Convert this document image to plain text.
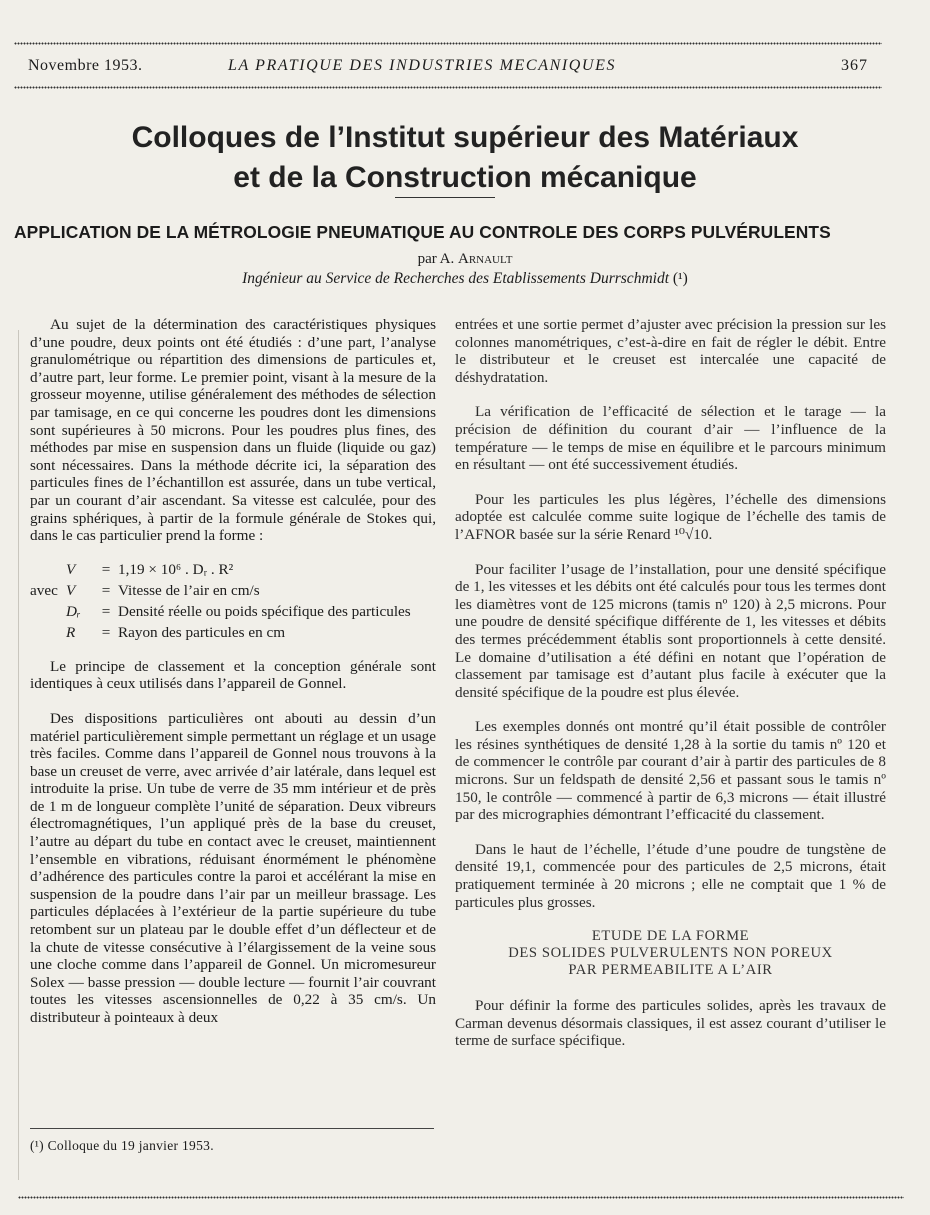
Novembre 1953.	LA PRATIQUE DES INDUSTRIES MECANIQUES	367
Colloques de l’Institut supérieur des Matériaux
et de la Construction mécanique
APPLICATION DE LA MÉTROLOGIE PNEUMATIQUE AU CONTROLE DES CORPS PULVÉRULENTS
par A. Arnault
Ingénieur au Service de Recherches des Etablissements Durrschmidt (¹)

Au sujet de la détermination des caractéristiques physiques d’une poudre, deux points ont été étudiés : d’une part, l’analyse granulométrique ou répartition des dimensions de particules et, d’autre part, leur forme. Le premier point, visant à la mesure de la grosseur moyenne, utilise généralement des méthodes de sélection par tamisage, en ce qui concerne les poudres dont les dimensions sont supérieures à 50 microns. Pour les poudres plus fines, des méthodes par mise en suspension dans un fluide (liquide ou gaz) sont nécessaires. Dans la méthode décrite ici, la séparation des particules fines de l’échantillon est assurée, dans un tube vertical, par un courant d’air ascendant. Sa vitesse est calculée, pour des grains sphériques, à partir de la formule générale de Stokes qui, dans le cas particulier prend la forme :

V	= 1,19 × 10⁶ . Dᵣ . R²
avec V	= Vitesse de l’air en cm/s
Dᵣ	= Densité réelle ou poids spécifique des particules
R	= Rayon des particules en cm

Le principe de classement et la conception générale sont identiques à ceux utilisés dans l’appareil de Gonnel.

Des dispositions particulières ont abouti au dessin d’un matériel particulièrement simple permettant un réglage et un usage très faciles. Comme dans l’appareil de Gonnel nous trouvons à la base un creuset de verre, avec arrivée d’air latérale, dans lequel est introduite la prise. Un tube de verre de 35 mm intérieur et de près de 1 m de longueur complète l’unité de séparation. Deux vibreurs électromagnétiques, l’un appliqué près de la base du creuset, l’autre au départ du tube en contact avec le creuset, maintiennent l’ensemble en vibrations, réduisant énormément le phénomène d’adhérence des particules contre la paroi et accélérant la mise en suspension de la poudre dans l’air par un meilleur brassage. Les particules déplacées à l’extérieur de la partie supérieure du tube retombent sur un plateau par le double effet d’un déflecteur et de la chute de vitesse consécutive à l’élargissement de la veine sous une cloche comme dans l’appareil de Gonnel. Un micromesureur Solex — basse pression — double lecture — fournit l’air couvrant toutes les vitesses ascensionnelles de 0,22 à 35 cm/s. Un distributeur à pointeaux à deux

entrées et une sortie permet d’ajuster avec précision la pression sur les colonnes manométriques, c’est-à-dire en fait de régler le débit. Entre le distributeur et le creuset est intercalée une capacité de déshydratation.

La vérification de l’efficacité de sélection et le tarage — la précision de définition du courant d’air — l’influence de la température — le temps de mise en équilibre et le parcours minimum en résultant — ont été successivement étudiés.

Pour les particules les plus légères, l’échelle des dimensions adoptée est calculée comme suite logique de l’échelle des tamis de l’AFNOR basée sur la série Renard ¹⁰√10.

Pour faciliter l’usage de l’installation, pour une densité spécifique de 1, les vitesses et les débits ont été calculés pour tous les termes dont les diamètres vont de 125 microns (tamis nº 120) à 2,5 microns. Pour une poudre de densité spécifique différente de 1, les vitesses et débits des termes précédemment établis sont proportionnels à cette densité. Le domaine d’utilisation a été défini en notant que l’opération de classement par tamisage est d’autant plus facile à exécuter que la densité spécifique de la poudre est plus élevée.

Les exemples donnés ont montré qu’il était possible de contrôler les résines synthétiques de densité 1,28 à la sortie du tamis nº 120 et de commencer le contrôle par courant d’air à partir des particules de 8 microns. Sur un feldspath de densité 2,56 et passant sous le tamis nº 150, le contrôle — commencé à partir de 6,3 microns — était illustré par des micrographies démontrant l’efficacité du classement.

Dans le haut de l’échelle, l’étude d’une poudre de tungstène de densité 19,1, commencée pour des particules de 2,5 microns, était pratiquement terminée à 20 microns ; elle ne comptait que 1 % de particules plus grosses.

ETUDE DE LA FORME
DES SOLIDES PULVERULENTS NON POREUX
PAR PERMEABILITE A L’AIR

Pour définir la forme des particules solides, après les travaux de Carman devenus désormais classiques, il est assez courant d’utiliser le terme de surface spécifique.

(¹) Colloque du 19 janvier 1953.
